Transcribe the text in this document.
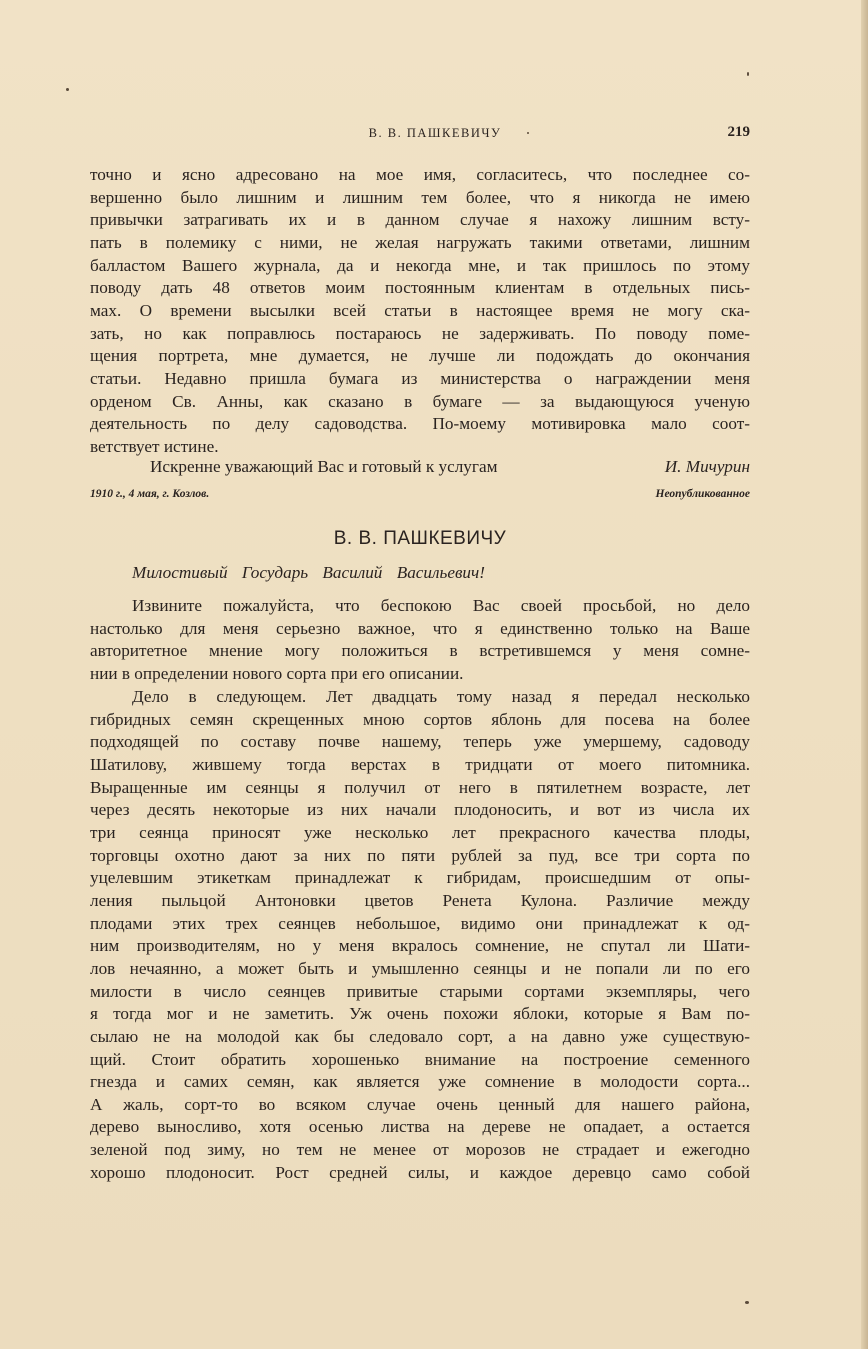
В. В. ПАШКЕВИЧУ	219
точно и ясно адресовано на мое имя, согласитесь, что последнее со-
вершенно было лишним и лишним тем более, что я никогда не имею
привычки затрагивать их и в данном случае я нахожу лишним всту-
пать в полемику с ними, не желая нагружать такими ответами, лишним
балластом Вашего журнала, да и некогда мне, и так пришлось по этому
поводу дать 48 ответов моим постоянным клиентам в отдельных пись-
мах. О времени высылки всей статьи в настоящее время не могу ска-
зать, но как поправлюсь постараюсь не задерживать. По поводу поме-
щения портрета, мне думается, не лучше ли подождать до окончания
статьи. Недавно пришла бумага из министерства о награждении меня
орденом Св. Анны, как сказано в бумаге — за выдающуюся ученую
деятельность по делу садоводства. По-моему мотивировка мало соот-
ветствует истине.
Искренне уважающий Вас и готовый к услугам	И. Мичурин
1910 г., 4 мая, г. Козлов.	Неопубликованное
В. В. ПАШКЕВИЧУ
Милостивый Государь Василий Васильевич!
Извините пожалуйста, что беспокою Вас своей просьбой, но дело
настолько для меня серьезно важное, что я единственно только на Ваше
авторитетное мнение могу положиться в встретившемся у меня сомне-
нии в определении нового сорта при его описании.
Дело в следующем. Лет двадцать тому назад я передал несколько
гибридных семян скрещенных мною сортов яблонь для посева на более
подходящей по составу почве нашему, теперь уже умершему, садоводу
Шатилову, жившему тогда верстах в тридцати от моего питомника.
Выращенные им сеянцы я получил от него в пятилетнем возрасте, лет
через десять некоторые из них начали плодоносить, и вот из числа их
три сеянца приносят уже несколько лет прекрасного качества плоды,
торговцы охотно дают за них по пяти рублей за пуд, все три сорта по
уцелевшим этикеткам принадлежат к гибридам, происшедшим от опы-
ления пыльцой Антоновки цветов Ренета Кулона. Различие между
плодами этих трех сеянцев небольшое, видимо они принадлежат к од-
ним производителям, но у меня вкралось сомнение, не спутал ли Шати-
лов нечаянно, а может быть и умышленно сеянцы и не попали ли по его
милости в число сеянцев привитые старыми сортами экземпляры, чего
я тогда мог и не заметить. Уж очень похожи яблоки, которые я Вам по-
сылаю не на молодой как бы следовало сорт, а на давно уже существую-
щий. Стоит обратить хорошенько внимание на построение семенного
гнезда и самих семян, как является уже сомнение в молодости сорта...
А жаль, сорт-то во всяком случае очень ценный для нашего района,
дерево выносливо, хотя осенью листва на дереве не опадает, а остается
зеленой под зиму, но тем не менее от морозов не страдает и ежегодно
хорошо плодоносит. Рост средней силы, и каждое деревцо само собой
